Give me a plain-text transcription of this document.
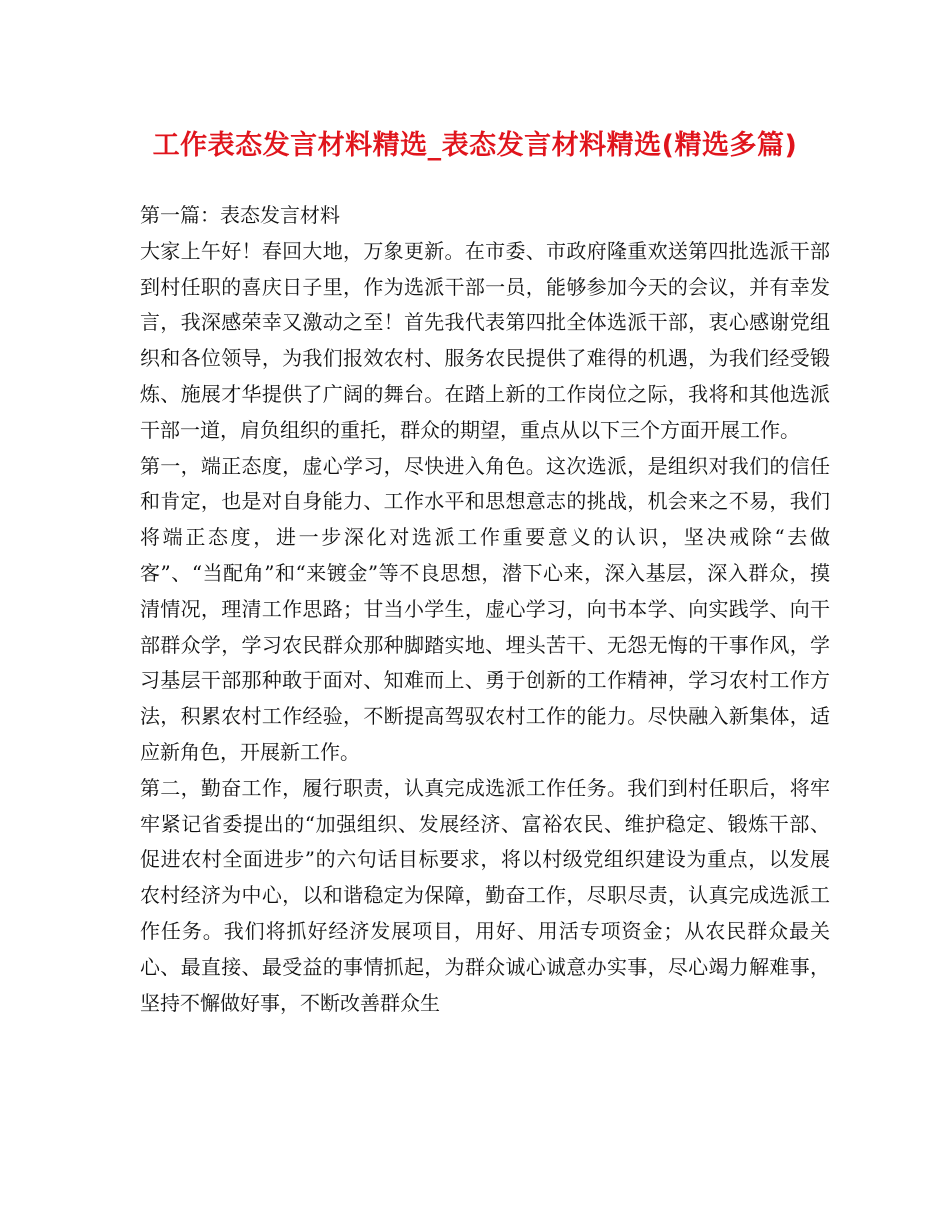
工作表态发言材料精选_表态发言材料精选(精选多篇)

第一篇：表态发言材料

大家上午好！春回大地，万象更新。在市委、市政府隆重欢送第四批选派干部到村任职的喜庆日子里，作为选派干部一员，能够参加今天的会议，并有幸发言，我深感荣幸又激动之至！首先我代表第四批全体选派干部，衷心感谢党组织和各位领导，为我们报效农村、服务农民提供了难得的机遇，为我们经受锻炼、施展才华提供了广阔的舞台。在踏上新的工作岗位之际，我将和其他选派干部一道，肩负组织的重托，群众的期望，重点从以下三个方面开展工作。

第一，端正态度，虚心学习，尽快进入角色。这次选派，是组织对我们的信任和肯定，也是对自身能力、工作水平和思想意志的挑战，机会来之不易，我们将端正态度，进一步深化对选派工作重要意义的认识，坚决戒除“去做客”、“当配角”和“来镀金”等不良思想，潜下心来，深入基层，深入群众，摸清情况，理清工作思路；甘当小学生，虚心学习，向书本学、向实践学、向干部群众学，学习农民群众那种脚踏实地、埋头苦干、无怨无悔的干事作风，学习基层干部那种敢于面对、知难而上、勇于创新的工作精神，学习农村工作方法，积累农村工作经验，不断提高驾驭农村工作的能力。尽快融入新集体，适应新角色，开展新工作。

第二，勤奋工作，履行职责，认真完成选派工作任务。我们到村任职后，将牢牢紧记省委提出的“加强组织、发展经济、富裕农民、维护稳定、锻炼干部、促进农村全面进步”的六句话目标要求，将以村级党组织建设为重点，以发展农村经济为中心，以和谐稳定为保障，勤奋工作，尽职尽责，认真完成选派工作任务。我们将抓好经济发展项目，用好、用活专项资金；从农民群众最关心、最直接、最受益的事情抓起，为群众诚心诚意办实事，尽心竭力解难事，坚持不懈做好事，不断改善群众生
